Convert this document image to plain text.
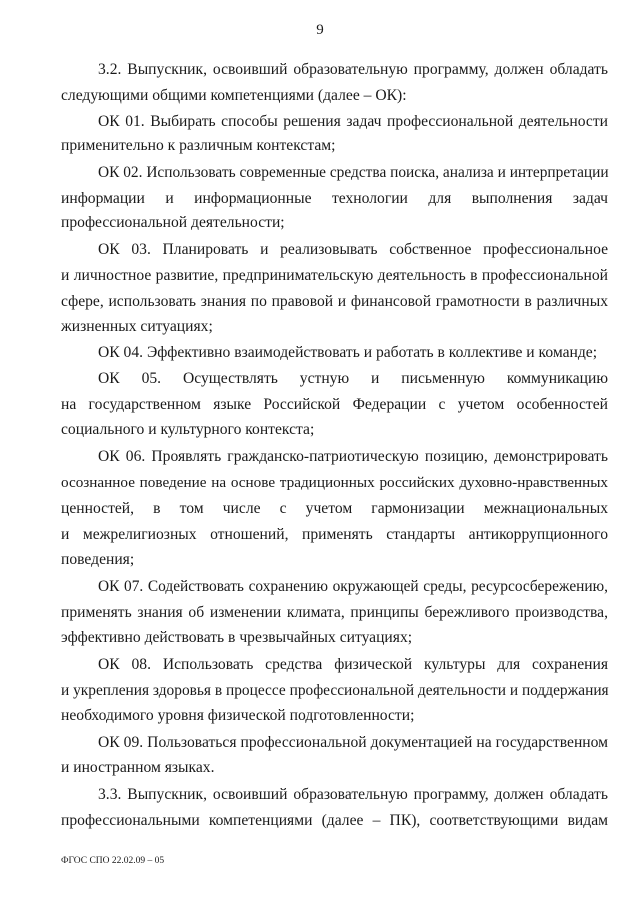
9
3.2. Выпускник, освоивший образовательную программу, должен обладать
следующими общими компетенциями (далее – ОК):
ОК 01. Выбирать способы решения задач профессиональной деятельности
применительно к различным контекстам;
ОК 02. Использовать современные средства поиска, анализа и интерпретации
информации и информационные технологии для выполнения задач
профессиональной деятельности;
ОК 03. Планировать и реализовывать собственное профессиональное
и личностное развитие, предпринимательскую деятельность в профессиональной
сфере, использовать знания по правовой и финансовой грамотности в различных
жизненных ситуациях;
ОК 04. Эффективно взаимодействовать и работать в коллективе и команде;
ОК 05. Осуществлять устную и письменную коммуникацию
на государственном языке Российской Федерации с учетом особенностей
социального и культурного контекста;
ОК 06. Проявлять гражданско-патриотическую позицию, демонстрировать
осознанное поведение на основе традиционных российских духовно-нравственных
ценностей, в том числе с учетом гармонизации межнациональных
и межрелигиозных отношений, применять стандарты антикоррупционного
поведения;
ОК 07. Содействовать сохранению окружающей среды, ресурсосбережению,
применять знания об изменении климата, принципы бережливого производства,
эффективно действовать в чрезвычайных ситуациях;
ОК 08. Использовать средства физической культуры для сохранения
и укрепления здоровья в процессе профессиональной деятельности и поддержания
необходимого уровня физической подготовленности;
ОК 09. Пользоваться профессиональной документацией на государственном
и иностранном языках.
3.3. Выпускник, освоивший образовательную программу, должен обладать
профессиональными компетенциями (далее – ПК), соответствующими видам
ФГОС СПО 22.02.09 – 05
